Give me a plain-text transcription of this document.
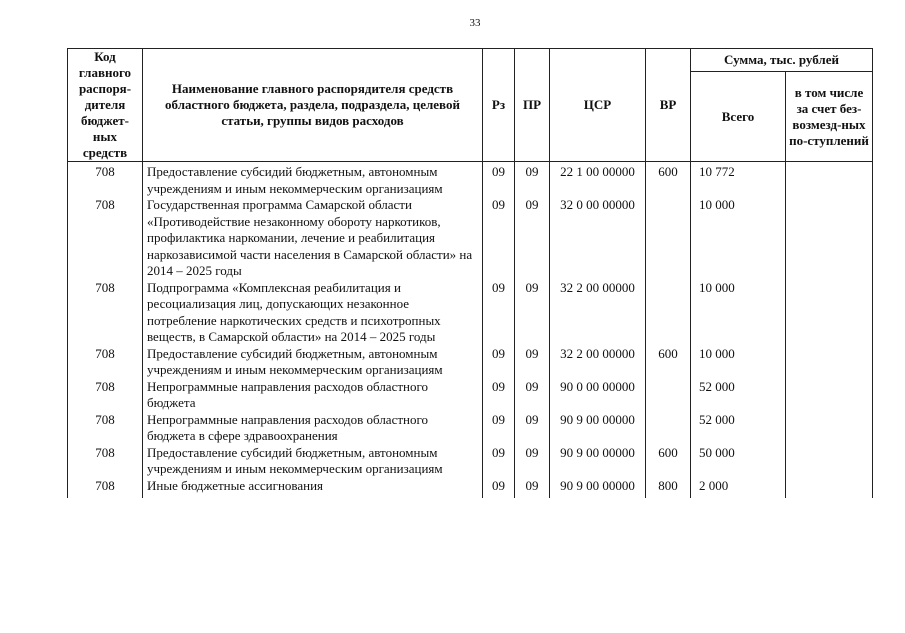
33
Код главного распоря-дителя бюджет-ных средств	Наименование главного распорядителя средств областного бюджета, раздела, подраздела, целевой статьи, группы видов расходов	Рз	ПР	ЦСР	ВР	Сумма, тыс. рублей	
						Всего	в том числе за счет без-возмезд-ных по-ступлений
708	Предоставление субсидий бюджетным, автономным учреждениям и иным некоммерческим организациям	09	09	22 1 00 00000	600	10 772	
708	Государственная программа Самарской области «Противодействие незаконному обороту наркотиков, профилактика наркомании, лечение и реабилитация наркозависимой части населения в Самарской области» на 2014 – 2025 годы	09	09	32 0 00 00000		10 000	
708	Подпрограмма «Комплексная реабилитация и ресоциализация лиц, допускающих незаконное потребление наркотических средств и психотропных веществ, в Самарской области» на 2014 – 2025 годы	09	09	32 2 00 00000		10 000	
708	Предоставление субсидий бюджетным, автономным учреждениям и иным некоммерческим организациям	09	09	32 2 00 00000	600	10 000	
708	Непрограммные направления расходов областного бюджета	09	09	90 0 00 00000		52 000	
708	Непрограммные направления расходов областного бюджета в сфере здравоохранения	09	09	90 9 00 00000		52 000	
708	Предоставление субсидий бюджетным, автономным учреждениям и иным некоммерческим организациям	09	09	90 9 00 00000	600	50 000	
708	Иные бюджетные ассигнования	09	09	90 9 00 00000	800	2 000	
